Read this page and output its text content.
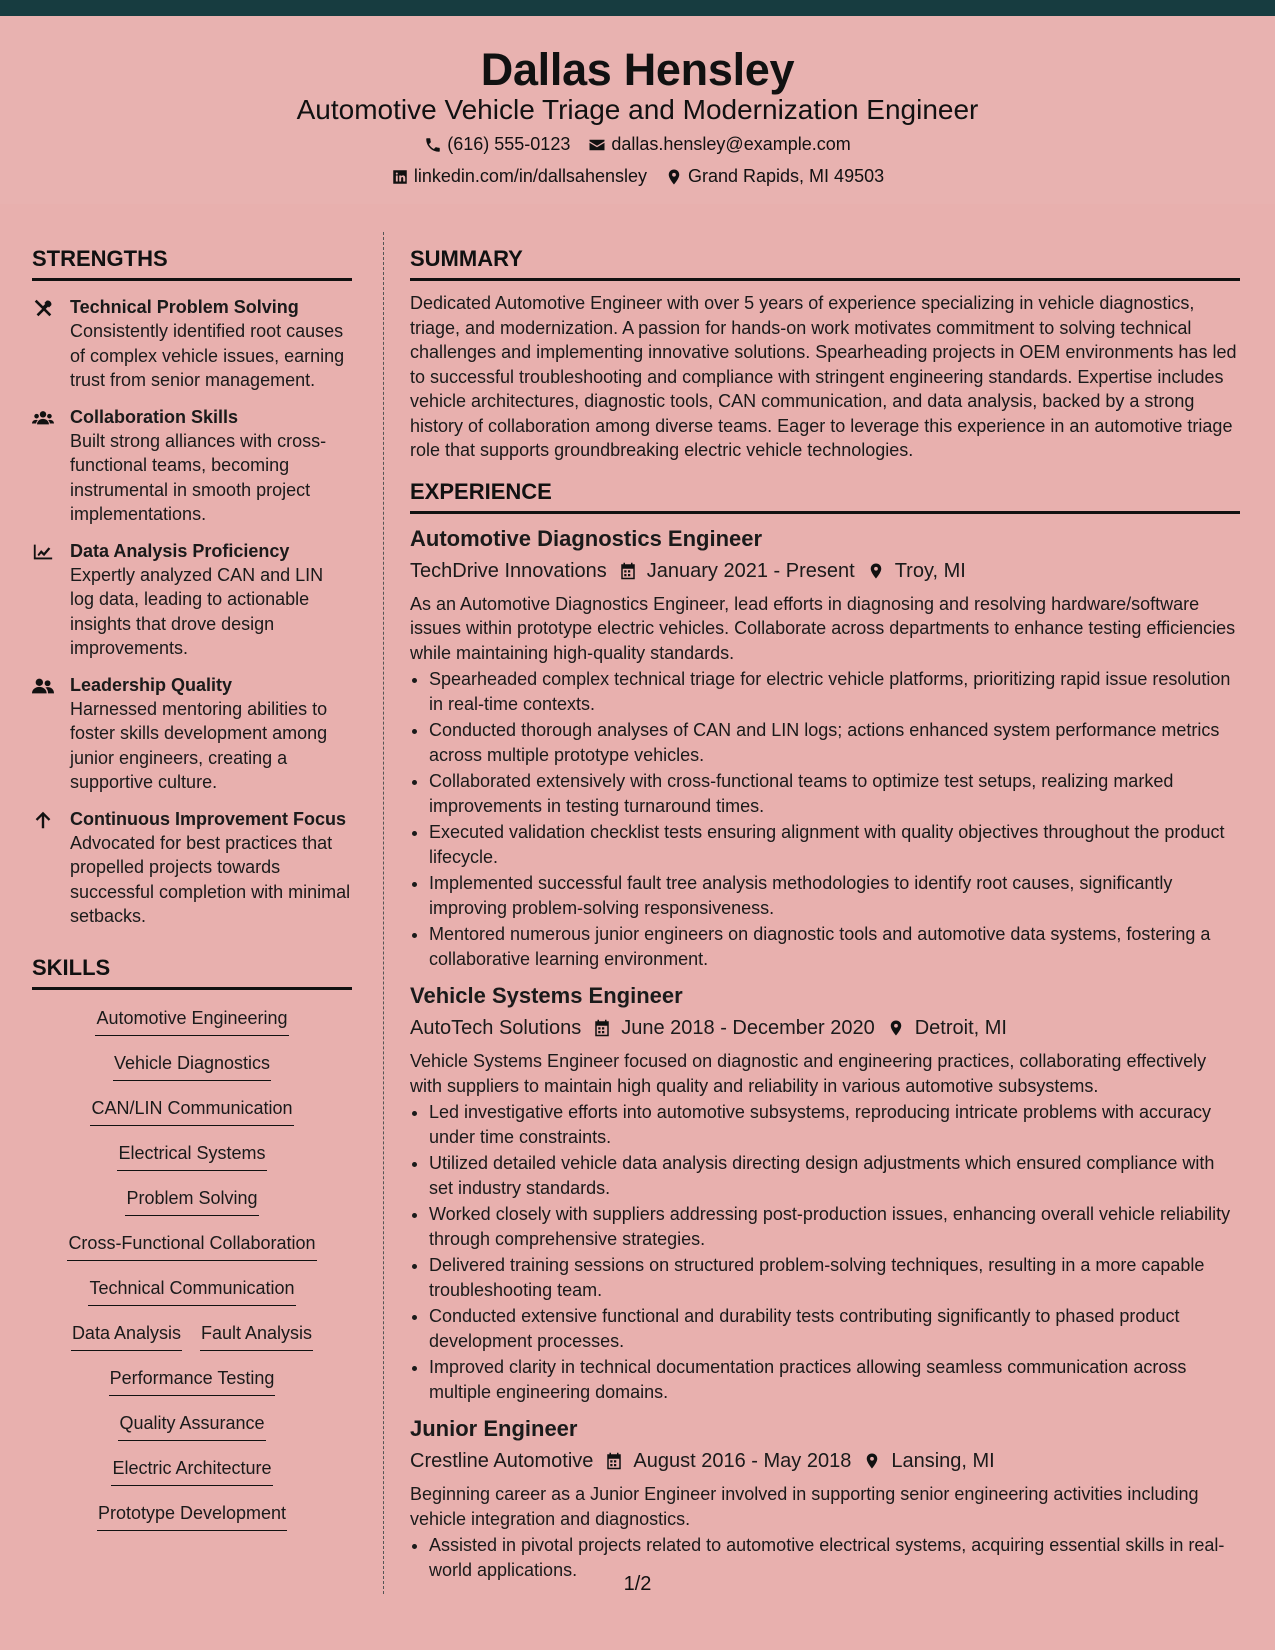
Dallas Hensley
Automotive Vehicle Triage and Modernization Engineer
(616) 555-0123 dallas.hensley@example.com
linkedin.com/in/dallsahensley Grand Rapids, MI 49503
STRENGTHS
Technical Problem Solving
Consistently identified root causes of complex vehicle issues, earning trust from senior management.
Collaboration Skills
Built strong alliances with cross-functional teams, becoming instrumental in smooth project implementations.
Data Analysis Proficiency
Expertly analyzed CAN and LIN log data, leading to actionable insights that drove design improvements.
Leadership Quality
Harnessed mentoring abilities to foster skills development among junior engineers, creating a supportive culture.
Continuous Improvement Focus
Advocated for best practices that propelled projects towards successful completion with minimal setbacks.
SKILLS
Automotive Engineering
Vehicle Diagnostics
CAN/LIN Communication
Electrical Systems
Problem Solving
Cross-Functional Collaboration
Technical Communication
Data Analysis Fault Analysis
Performance Testing
Quality Assurance
Electric Architecture
Prototype Development
SUMMARY
Dedicated Automotive Engineer with over 5 years of experience specializing in vehicle diagnostics, triage, and modernization. A passion for hands-on work motivates commitment to solving technical challenges and implementing innovative solutions. Spearheading projects in OEM environments has led to successful troubleshooting and compliance with stringent engineering standards. Expertise includes vehicle architectures, diagnostic tools, CAN communication, and data analysis, backed by a strong history of collaboration among diverse teams. Eager to leverage this experience in an automotive triage role that supports groundbreaking electric vehicle technologies.
EXPERIENCE
Automotive Diagnostics Engineer
TechDrive Innovations January 2021 - Present Troy, MI
As an Automotive Diagnostics Engineer, lead efforts in diagnosing and resolving hardware/software issues within prototype electric vehicles. Collaborate across departments to enhance testing efficiencies while maintaining high-quality standards.
• Spearheaded complex technical triage for electric vehicle platforms, prioritizing rapid issue resolution in real-time contexts.
• Conducted thorough analyses of CAN and LIN logs; actions enhanced system performance metrics across multiple prototype vehicles.
• Collaborated extensively with cross-functional teams to optimize test setups, realizing marked improvements in testing turnaround times.
• Executed validation checklist tests ensuring alignment with quality objectives throughout the product lifecycle.
• Implemented successful fault tree analysis methodologies to identify root causes, significantly improving problem-solving responsiveness.
• Mentored numerous junior engineers on diagnostic tools and automotive data systems, fostering a collaborative learning environment.
Vehicle Systems Engineer
AutoTech Solutions June 2018 - December 2020 Detroit, MI
Vehicle Systems Engineer focused on diagnostic and engineering practices, collaborating effectively with suppliers to maintain high quality and reliability in various automotive subsystems.
• Led investigative efforts into automotive subsystems, reproducing intricate problems with accuracy under time constraints.
• Utilized detailed vehicle data analysis directing design adjustments which ensured compliance with set industry standards.
• Worked closely with suppliers addressing post-production issues, enhancing overall vehicle reliability through comprehensive strategies.
• Delivered training sessions on structured problem-solving techniques, resulting in a more capable troubleshooting team.
• Conducted extensive functional and durability tests contributing significantly to phased product development processes.
• Improved clarity in technical documentation practices allowing seamless communication across multiple engineering domains.
Junior Engineer
Crestline Automotive August 2016 - May 2018 Lansing, MI
Beginning career as a Junior Engineer involved in supporting senior engineering activities including vehicle integration and diagnostics.
• Assisted in pivotal projects related to automotive electrical systems, acquiring essential skills in real-world applications.
1/2
